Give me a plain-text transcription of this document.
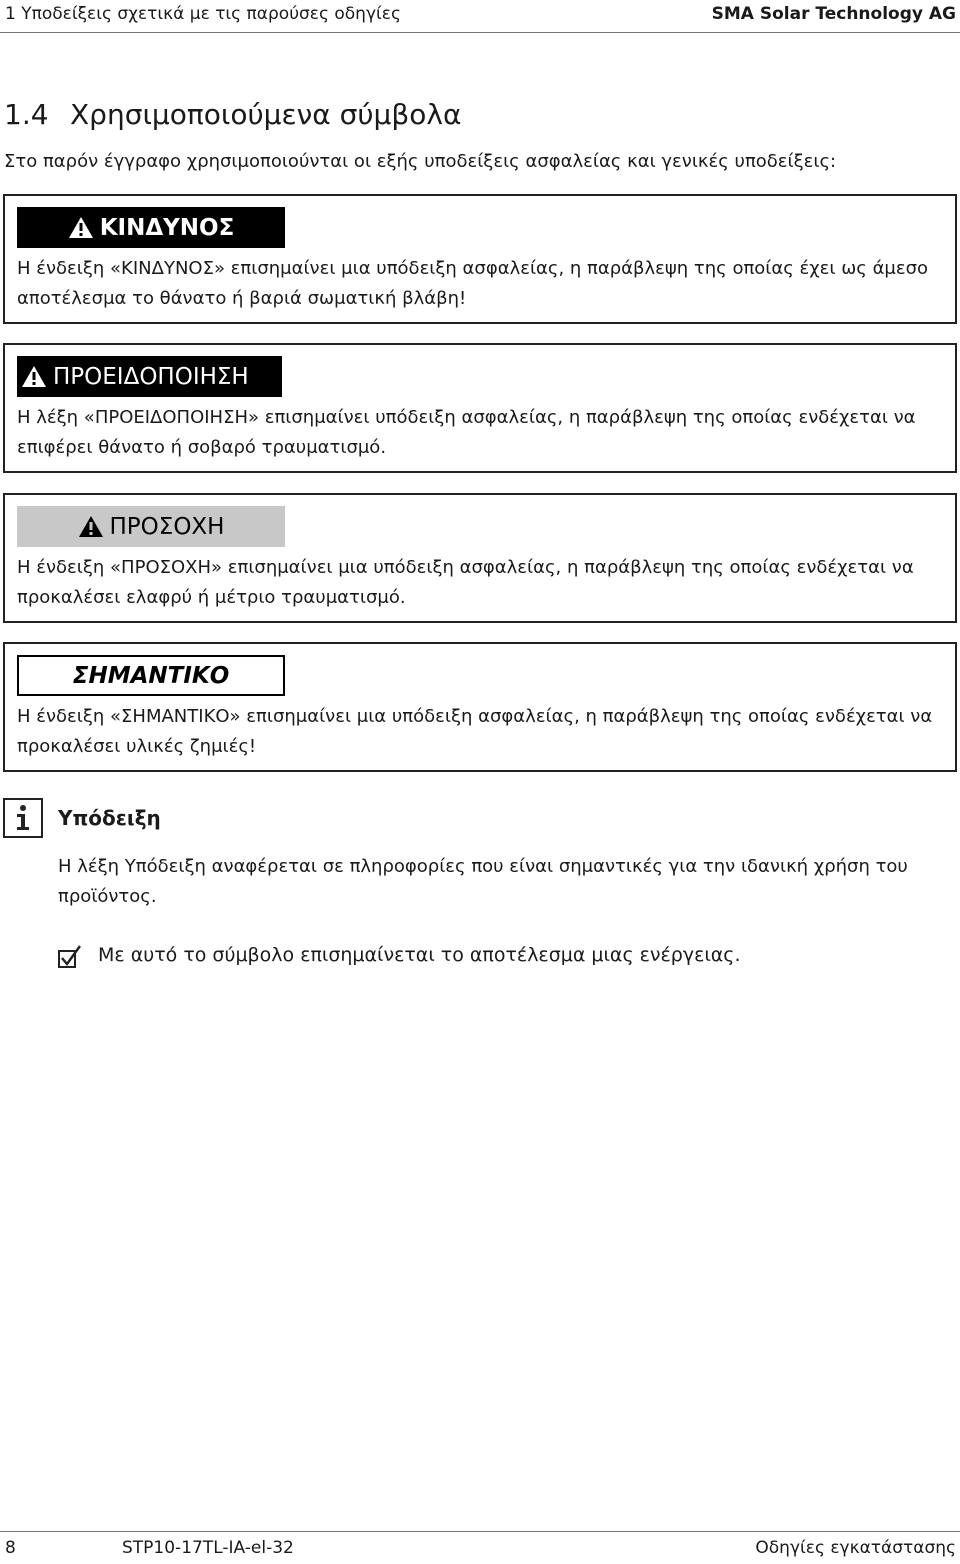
1 Υποδείξεις σχετικά με τις παρούσες οδηγίες	SMA Solar Technology AG
1.4 Χρησιμοποιούμενα σύμβολα
Στο παρόν έγγραφο χρησιμοποιούνται οι εξής υποδείξεις ασφαλείας και γενικές υποδείξεις:
ΚΙΝΔΥΝΟΣ
Η ένδειξη «ΚΙΝΔΥΝΟΣ» επισημαίνει μια υπόδειξη ασφαλείας, η παράβλεψη της οποίας έχει ως άμεσο αποτέλεσμα το θάνατο ή βαριά σωματική βλάβη!
ΠΡΟΕΙΔΟΠΟΙΗΣΗ
Η λέξη «ΠΡΟΕΙΔΟΠΟΙΗΣΗ» επισημαίνει υπόδειξη ασφαλείας, η παράβλεψη της οποίας ενδέχεται να επιφέρει θάνατο ή σοβαρό τραυματισμό.
ΠΡΟΣΟΧΗ
Η ένδειξη «ΠΡΟΣΟΧΗ» επισημαίνει μια υπόδειξη ασφαλείας, η παράβλεψη της οποίας ενδέχεται να προκαλέσει ελαφρύ ή μέτριο τραυματισμό.
ΣΗΜΑΝΤΙΚΟ
Η ένδειξη «ΣΗΜΑΝΤΙΚΟ» επισημαίνει μια υπόδειξη ασφαλείας, η παράβλεψη της οποίας ενδέχεται να προκαλέσει υλικές ζημιές!
Υπόδειξη
Η λέξη Υπόδειξη αναφέρεται σε πληροφορίες που είναι σημαντικές για την ιδανική χρήση του προϊόντος.
Με αυτό το σύμβολο επισημαίνεται το αποτέλεσμα μιας ενέργειας.
8	STP10-17TL-IA-el-32	Οδηγίες εγκατάστασης
